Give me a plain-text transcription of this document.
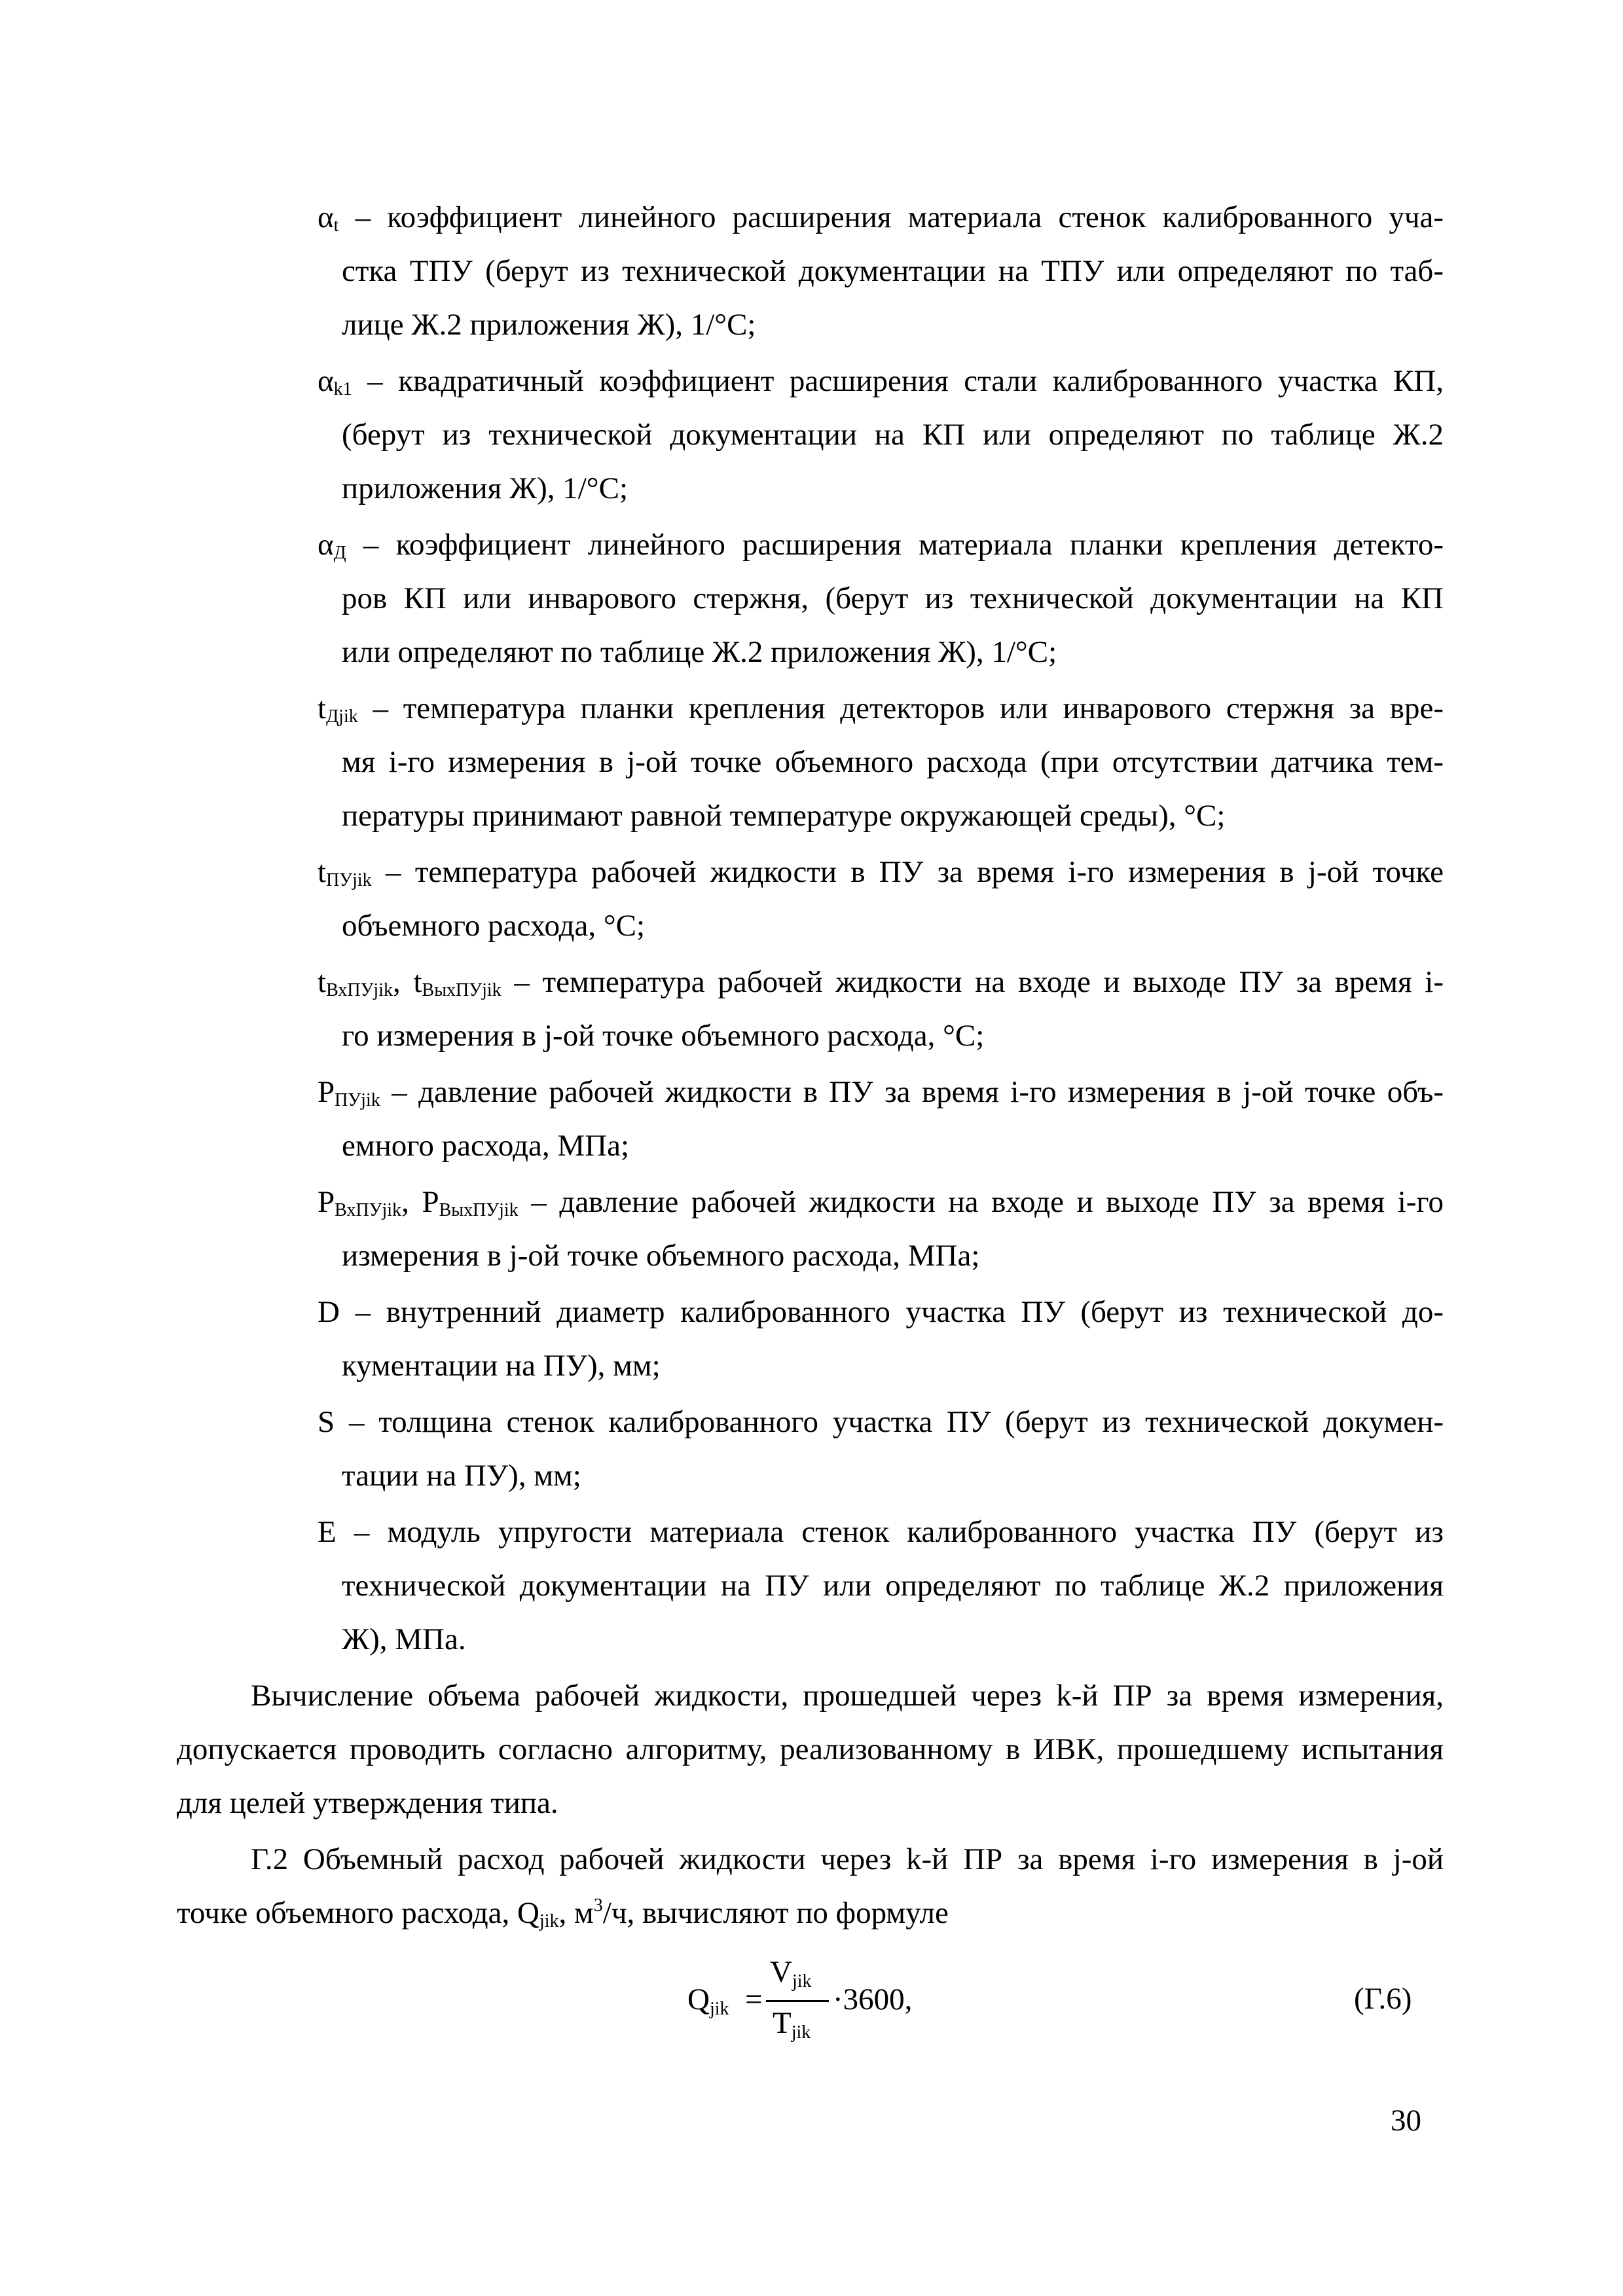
$\alpha_t$ – коэффициент линейного расширения материала стенок калиброванного уча-
стка ТПУ (берут из технической документации на ТПУ или определяют по таб-
лице Ж.2 приложения Ж), 1/°С;
$\alpha_{k1}$ – квадратичный коэффициент расширения стали калиброванного участка КП,
(берут из технической документации на КП или определяют по таблице Ж.2
приложения Ж), 1/°С;
$\alpha_Д$ – коэффициент линейного расширения материала планки крепления детекто-
ров КП или инварового стержня, (берут из технической документации на КП
или определяют по таблице Ж.2 приложения Ж), 1/°С;
$t_{Дjik}$ – температура планки крепления детекторов или инварового стержня за вре-
мя i-го измерения в j-ой точке объемного расхода (при отсутствии датчика тем-
пературы принимают равной температуре окружающей среды), °С;
$t_{ПУjik}$ – температура рабочей жидкости в ПУ за время i-го измерения в j-ой точке
объемного расхода, °С;
$t_{ВхПУjik}$, $t_{ВыхПУjik}$ – температура рабочей жидкости на входе и выходе ПУ за время i-
го измерения в j-ой точке объемного расхода, °С;
$P_{ПУjik}$ – давление рабочей жидкости в ПУ за время i-го измерения в j-ой точке объ-
емного расхода, МПа;
$P_{ВхПУjik}$, $P_{ВыхПУjik}$ – давление рабочей жидкости на входе и выходе ПУ за время i-го
измерения в j-ой точке объемного расхода, МПа;
D – внутренний диаметр калиброванного участка ПУ (берут из технической до-
кументации на ПУ), мм;
S – толщина стенок калиброванного участка ПУ (берут из технической докумен-
тации на ПУ), мм;
E – модуль упругости материала стенок калиброванного участка ПУ (берут из
технической документации на ПУ или определяют по таблице Ж.2 приложения
Ж), МПа.
Вычисление объема рабочей жидкости, прошедшей через k-й ПР за время измерения,
допускается проводить согласно алгоритму, реализованному в ИВК, прошедшему испытания
для целей утверждения типа.
Г.2 Объемный расход рабочей жидкости через k-й ПР за время i-го измерения в j-ой
точке объемного расхода, $Q_{jik}$, $м^3/ч$, вычисляют по формуле
$Q_{jik}$ =
$V_{jik}$
$T_{jik}$
·3600,	(Г.6)
30
